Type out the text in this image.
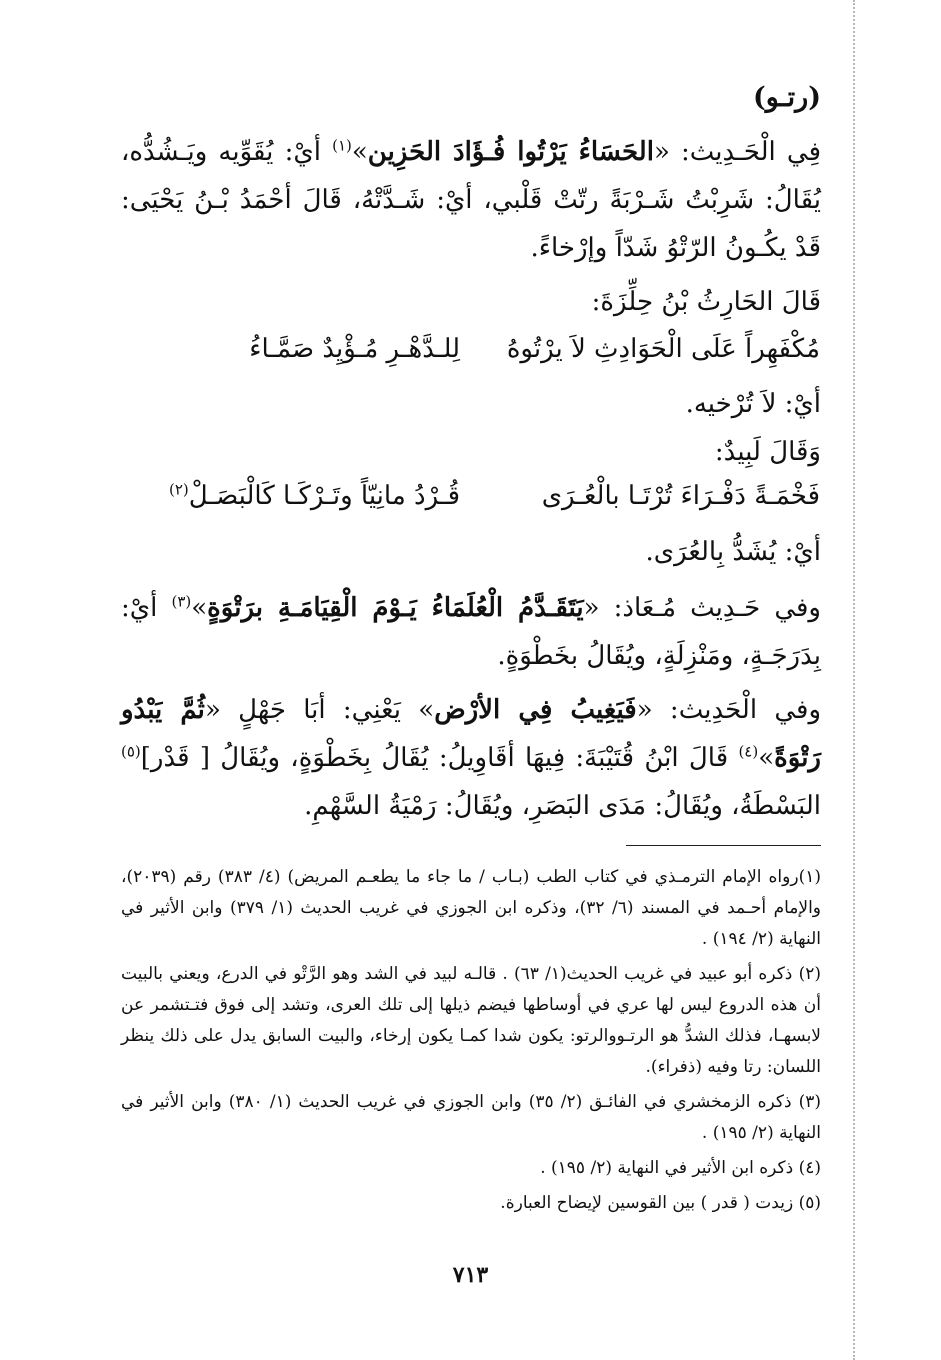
(رتـو)

فِي الْحَـدِيث: «الحَسَاءُ يَرْتُوا فُـؤَادَ الحَزِين»$^{(١)}$ أيْ: يُقَوِّيه ويَـشُدُّه، يُقَالُ: شَرِبْتُ شَـرْبَةً رتّتْ قَلْبي، أيْ: شَـدَّتْهُ، قَالَ أحْمَدُ بْـنُ يَحْيَى: قَدْ يكُـونُ الرّتْوُ شَدّاً وإرْخاءً.

قَالَ الحَارِثُ بْنُ حِلِّزَةَ:

مُكْفَهِراً عَلَى الْحَوَادِثِ لاَ يرْتُوهُ
لِلـدَّهْـرِ مُـؤْيِدٌ صَمَّـاءُ

أيْ: لاَ تُرْخيه.

وَقَالَ لَبِيدٌ:

فَخْمَـةً دَفْـرَاءَ تُرْتَـا بالْعُـرَى
قُـرْدُ مانِيّاً وتَـرْكَـا كَالْبَصَـلْ$^{(٢)}$

أيْ: يُشَدُّ بِالعُرَى.

وفي حَـدِيث مُـعَاذ: «يَتَقَـدَّمُ الْعُلَمَاءُ يَـوْمَ الْقِيَامَـةِ برَتْوَةٍ»$^{(٣)}$ أيْ: بِدَرَجَـةٍ، ومَنْزِلَةٍ، ويُقَالُ بخَطْوَةٍ.

وفي الْحَدِيث: «فَيَغِيبُ فِي الأرْض» يَعْنِي: أبَا جَهْلٍ «ثُمَّ يَبْدُو رَتْوَةً»$^{(٤)}$ قَالَ ابْنُ قُتَيْبَةَ: فِيهَا أقَاوِيلُ: يُقَالُ بِخَطْوَةٍ، ويُقَالُ [ قَدْر]$^{(٥)}$ البَسْطَةُ، ويُقَالُ: مَدَى البَصَرِ، ويُقَالُ: رَمْيَةُ السَّهْمِ.

(١)رواه الإمام الترمـذي في كتاب الطب (بـاب / ما جاء ما يطعـم المريض) (٤/ ٣٨٣) رقم (٢٠٣٩)، والإمام أحـمد في المسند (٦/ ٣٢)، وذكره ابن الجوزي في غريب الحديث (١/ ٣٧٩) وابن الأثير في النهاية (٢/ ١٩٤) .

(٢) ذكره أبو عبيد في غريب الحديث(١/ ٦٣) . قالـه لبيد في الشد وهو الرَّتْو في الدرع، ويعني بالبيت أن هذه الدروع ليس لها عري في أوساطها فيضم ذيلها إلى تلك العرى، وتشد إلى فوق فتـتشمر عن لابسهـا، فذلك الشدُّ هو الرتـووالرتو: يكون شدا كمـا يكون إرخاء، والبيت السابق يدل على ذلك ينظر اللسان: رتا وفيه (ذفراء).

(٣) ذكره الزمخشري في الفائـق (٢/ ٣٥) وابن الجوزي في غريب الحديث (١/ ٣٨٠) وابن الأثير في النهاية (٢/ ١٩٥) .

(٤) ذكره ابن الأثير في النهاية (٢/ ١٩٥) .

(٥) زيدت ( قدر ) بين القوسين لإيضاح العبارة.

٧١٣
